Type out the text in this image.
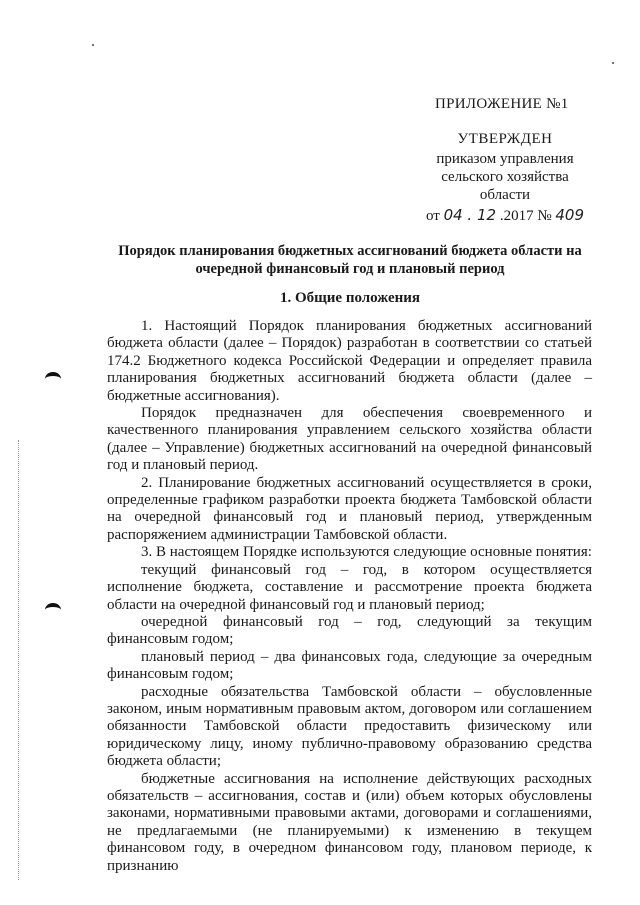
ПРИЛОЖЕНИЕ №1
УТВЕРЖДЕН
приказом управления
сельского хозяйства
области
от 04 . 12 .2017 № 409
Порядок планирования бюджетных ассигнований бюджета области на очередной финансовый год и плановый период
1. Общие положения

1. Настоящий Порядок планирования бюджетных ассигнований бюджета области (далее – Порядок) разработан в соответствии со статьей 174.2 Бюджетного кодекса Российской Федерации и определяет правила планирования бюджетных ассигнований бюджета области (далее – бюджетные ассигнования).

Порядок предназначен для обеспечения своевременного и качественного планирования управлением сельского хозяйства области (далее – Управление) бюджетных ассигнований на очередной финансовый год и плановый период.

2. Планирование бюджетных ассигнований осуществляется в сроки, определенные графиком разработки проекта бюджета Тамбовской области на очередной финансовый год и плановый период, утвержденным распоряжением администрации Тамбовской области.

3. В настоящем Порядке используются следующие основные понятия:

текущий финансовый год – год, в котором осуществляется исполнение бюджета, составление и рассмотрение проекта бюджета области на очередной финансовый год и плановый период;

очередной финансовый год – год, следующий за текущим финансовым годом;

плановый период – два финансовых года, следующие за очередным финансовым годом;

расходные обязательства Тамбовской области – обусловленные законом, иным нормативным правовым актом, договором или соглашением обязанности Тамбовской области предоставить физическому или юридическому лицу, иному публично-правовому образованию средства бюджета области;

бюджетные ассигнования на исполнение действующих расходных обязательств – ассигнования, состав и (или) объем которых обусловлены законами, нормативными правовыми актами, договорами и соглашениями, не предлагаемыми (не планируемыми) к изменению в текущем финансовом году, в очередном финансовом году, плановом периоде, к признанию
